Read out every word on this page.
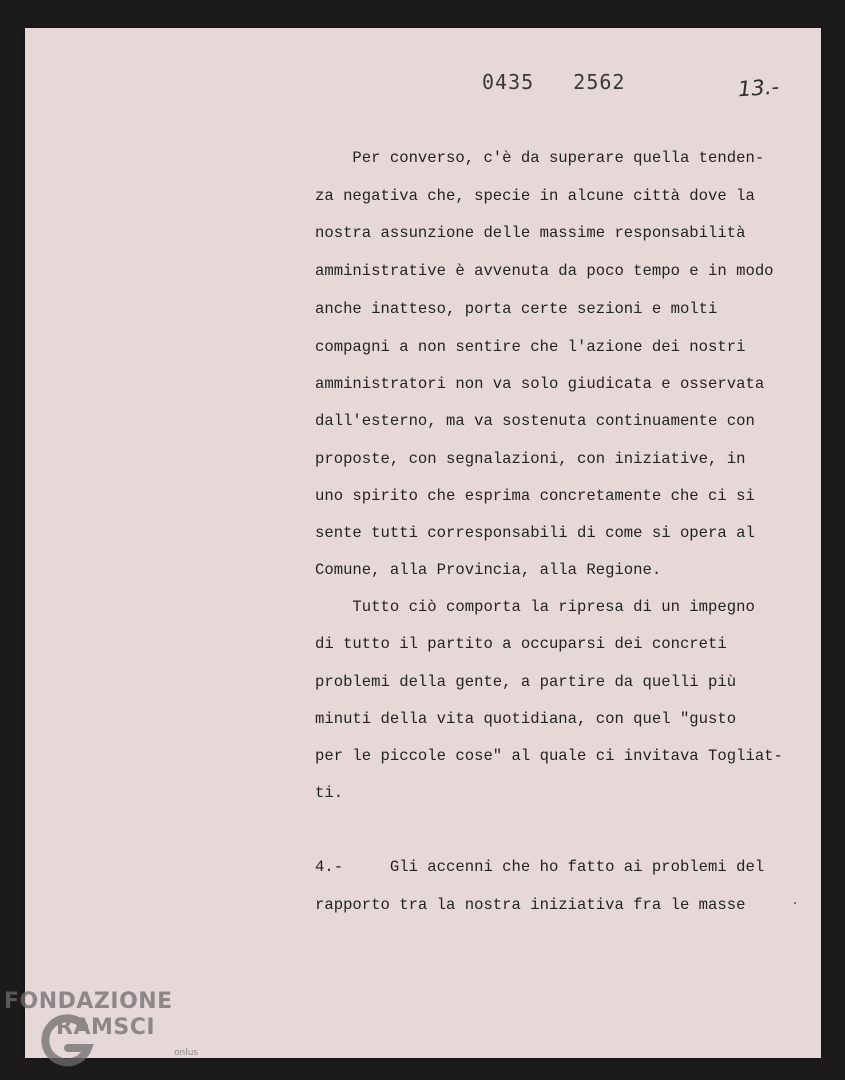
0435   2562	13.-
Per converso, c'è da superare quella tenden-
za negativa che, specie in alcune città dove la
nostra assunzione delle massime responsabilità
amministrative è avvenuta da poco tempo e in modo
anche inatteso, porta certe sezioni e molti
compagni a non sentire che l'azione dei nostri
amministratori non va solo giudicata e osservata
dall'esterno, ma va sostenuta continuamente con
proposte, con segnalazioni, con iniziative, in
uno spirito che esprima concretamente che ci si
sente tutti corresponsabili di come si opera al
Comune, alla Provincia, alla Regione.
Tutto ciò comporta la ripresa di un impegno
di tutto il partito a occuparsi dei concreti
problemi della gente, a partire da quelli più
minuti della vita quotidiana, con quel "gusto
per le piccole cose" al quale ci invitava Togliat-
ti.
4.-     Gli accenni che ho fatto ai problemi del
rapporto tra la nostra iniziativa fra le masse
FONDAZIONE
RAMSCI
onlus
